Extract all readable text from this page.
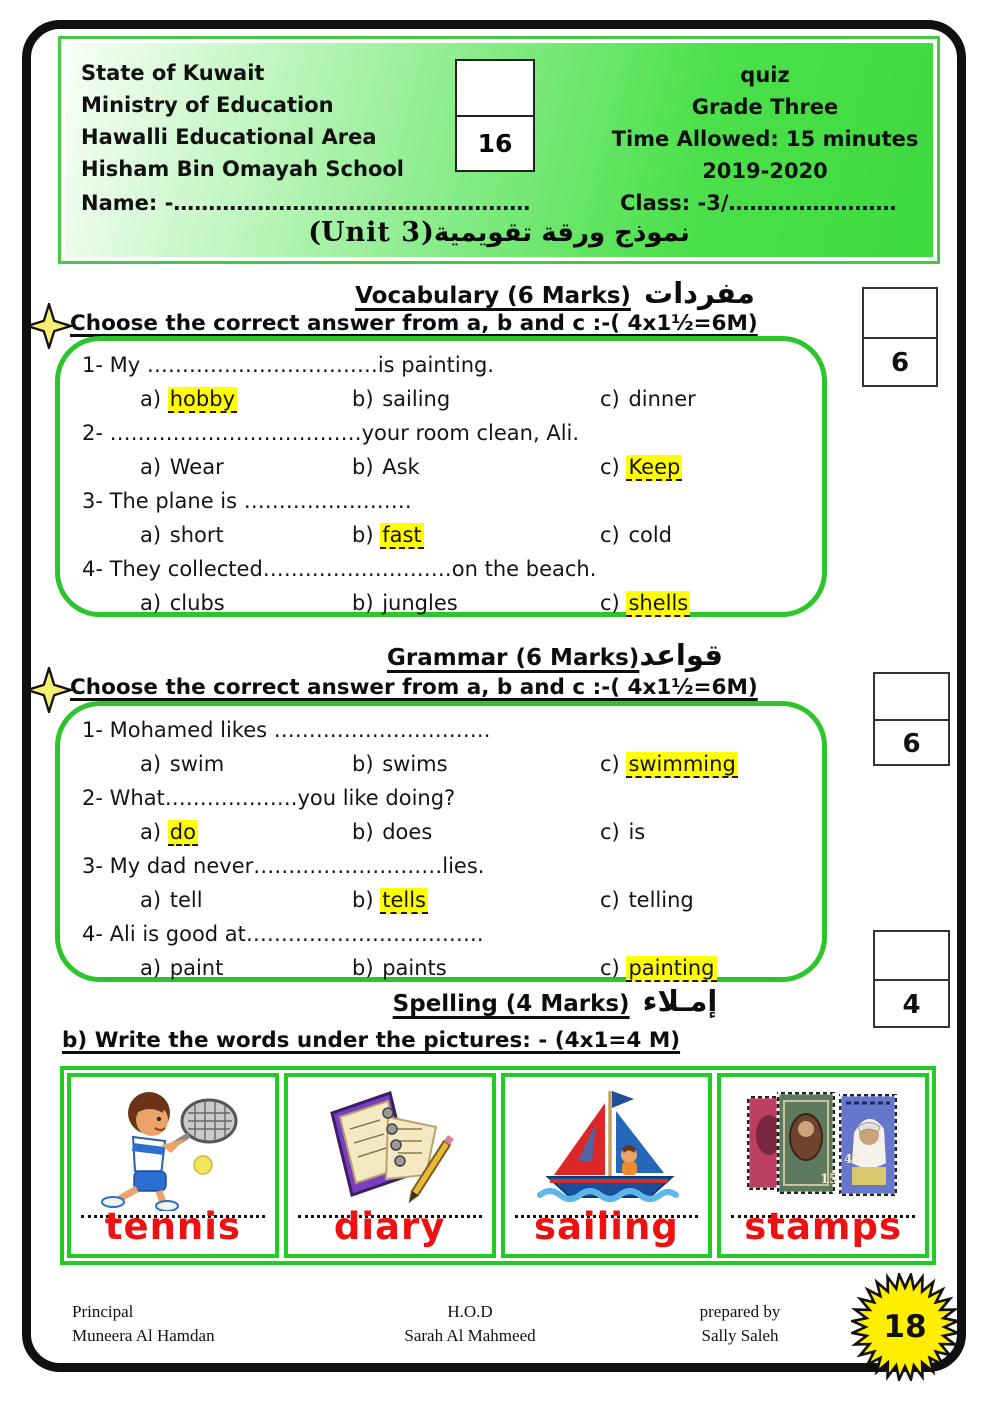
State of Kuwait
Ministry of Education
Hawalli Educational Area
Hisham Bin Omayah School
16
quiz
Grade Three
Time Allowed: 15 minutes
2019-2020
Name: -……………………………………………	Class: -3/……………………
نموذج ورقة تقويمية(Unit 3)
Vocabulary (6 Marks) مفردات
Choose the correct answer from a, b and c :-( 4x1½=6M)
1- My ……………………………is painting.
a) hobby	b) sailing	c) dinner
2- ………………………………your room clean, Ali.
a) Wear	b) Ask	c) Keep
3- The plane is ……………………
a) short	b) fast	c) cold
4- They collected………………………on the beach.
a) clubs	b) jungles	c) shells
6
Grammar (6 Marks)قواعد
Choose the correct answer from a, b and c :-( 4x1½=6M)
1- Mohamed likes ………………………….
a) swim	b) swims	c) swimming
2- What……………….you like doing?
a) do	b) does	c) is
3- My dad never………………………lies.
a) tell	b) tells	c) telling
4- Ali is good at…………………………….
a) paint	b) paints	c) painting
6
Spelling (4 Marks) إمـلاء	4
b) Write the words under the pictures: - (4x1=4 M)
tennis	diary	sailing
15
45
stamps
Principal
Muneera Al Hamdan
H.O.D
Sarah Al Mahmeed
prepared by
Sally Saleh	18
